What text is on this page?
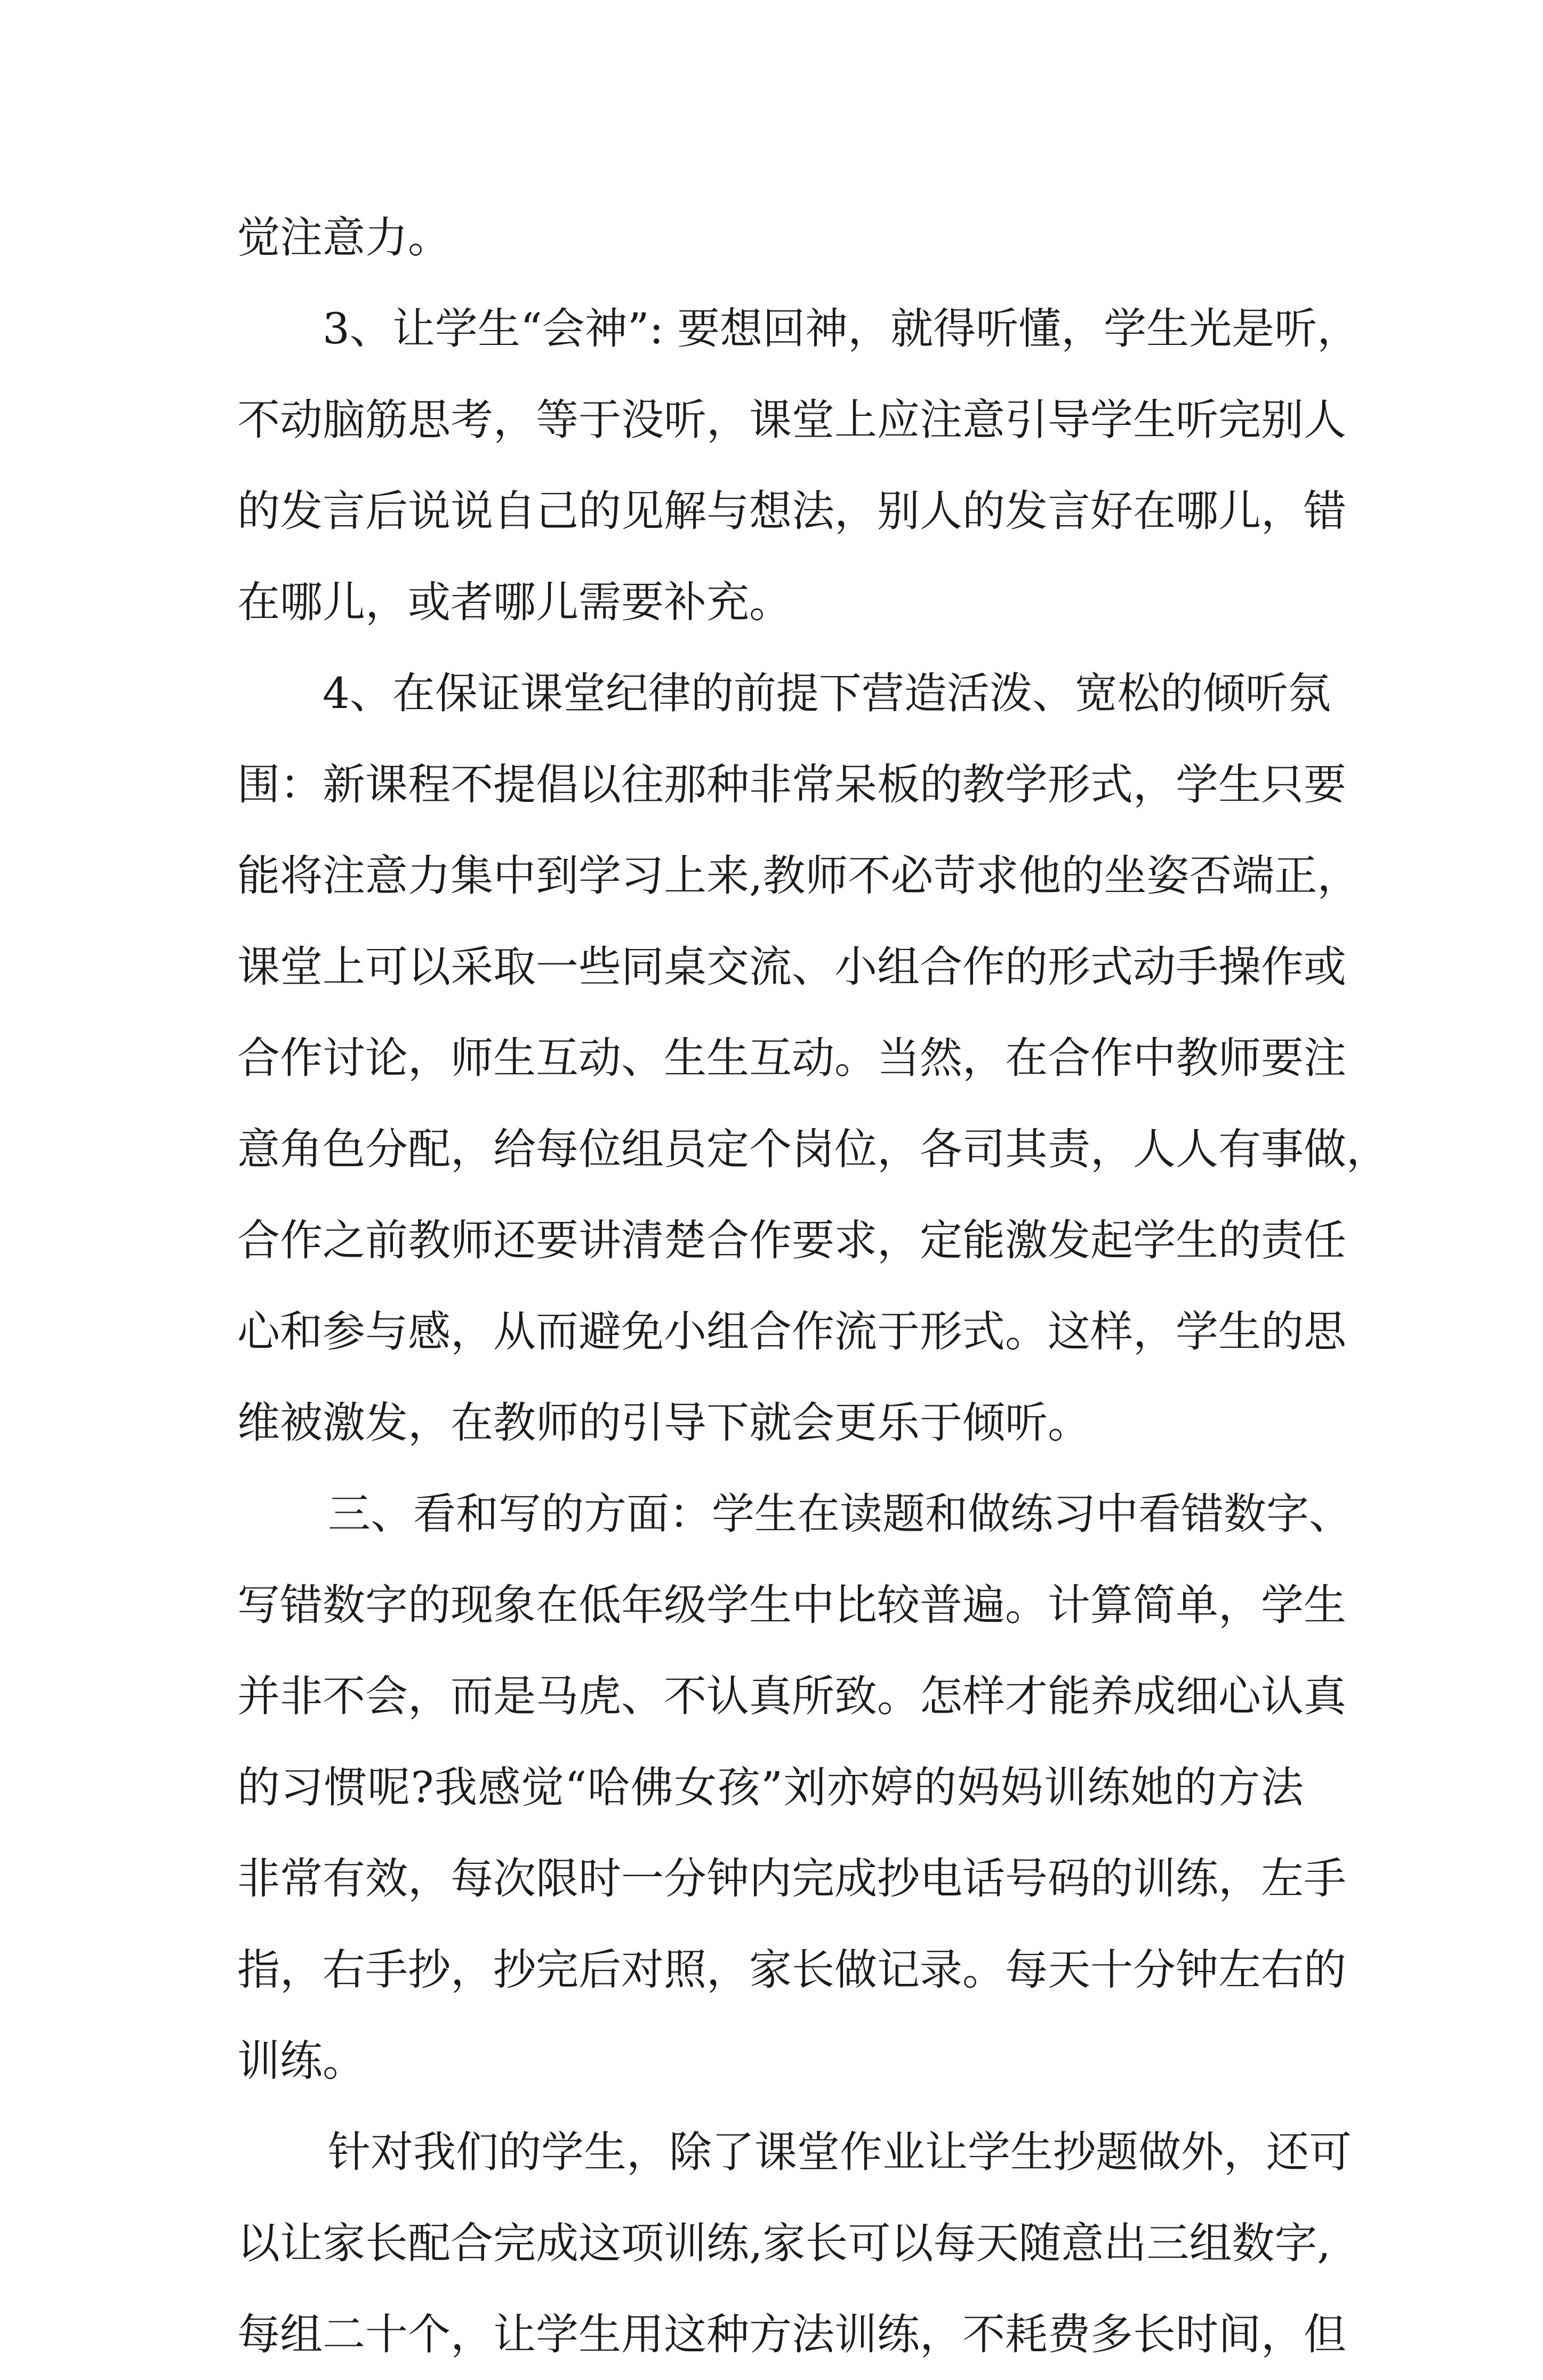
觉注意力。
3、让学生“会神”: 要想回神，就得听懂，学生光是听，
不动脑筋思考，等于没听，课堂上应注意引导学生听完别人
的发言后说说自己的见解与想法，别人的发言好在哪儿，错
在哪儿，或者哪儿需要补充。
4、在保证课堂纪律的前提下营造活泼、宽松的倾听氛
围：新课程不提倡以往那种非常呆板的教学形式，学生只要
能将注意力集中到学习上来,教师不必苛求他的坐姿否端正，
课堂上可以采取一些同桌交流、小组合作的形式动手操作或
合作讨论，师生互动、生生互动。当然，在合作中教师要注
意角色分配，给每位组员定个岗位，各司其责，人人有事做，
合作之前教师还要讲清楚合作要求，定能激发起学生的责任
心和参与感，从而避免小组合作流于形式。这样，学生的思
维被激发，在教师的引导下就会更乐于倾听。
三、看和写的方面：学生在读题和做练习中看错数字、
写错数字的现象在低年级学生中比较普遍。计算简单，学生
并非不会，而是马虎、不认真所致。怎样才能养成细心认真
的习惯呢?我感觉“哈佛女孩”刘亦婷的妈妈训练她的方法
非常有效，每次限时一分钟内完成抄电话号码的训练，左手
指，右手抄，抄完后对照，家长做记录。每天十分钟左右的
训练。
针对我们的学生，除了课堂作业让学生抄题做外，还可
以让家长配合完成这项训练,家长可以每天随意出三组数字,
每组二十个，让学生用这种方法训练，不耗费多长时间，但
